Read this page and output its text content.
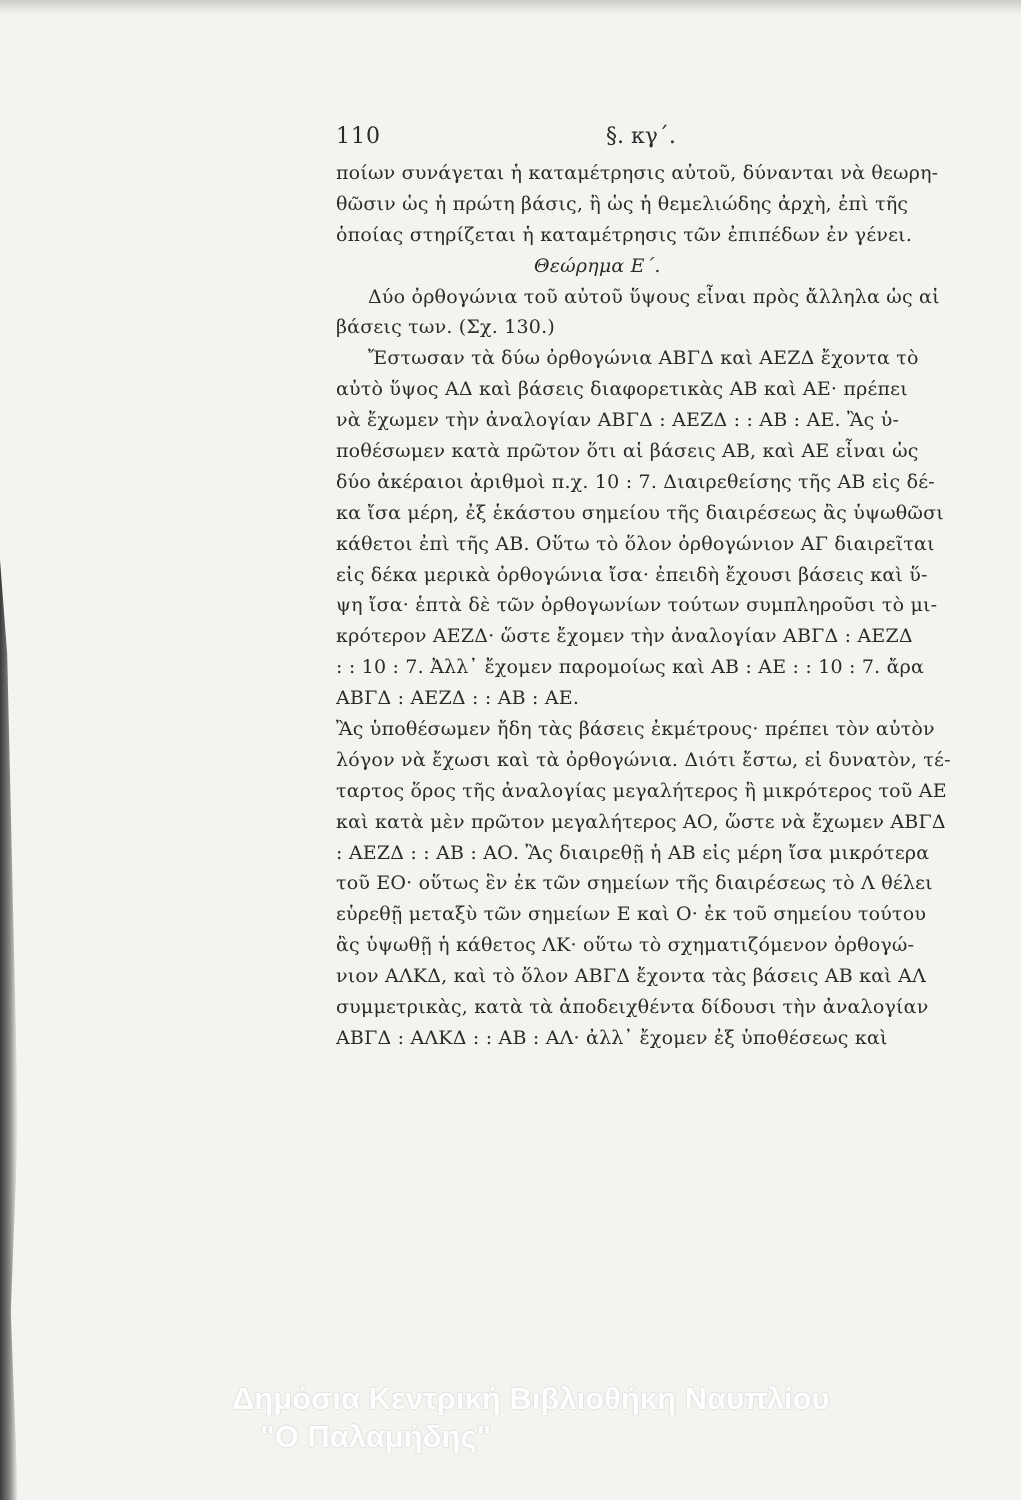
110	§. κγ΄.
ποίων συνάγεται ἡ καταμέτρησις αὐτοῦ, δύνανται νὰ θεωρη-
θῶσιν ὡς ἡ πρώτη βάσις, ἢ ὡς ἡ θεμελιώδης ἀρχὴ, ἐπὶ τῆς
ὁποίας στηρίζεται ἡ καταμέτρησις τῶν ἐπιπέδων ἐν γένει.
Θεώρημα Ε΄.
Δύο ὀρθογώνια τοῦ αὐτοῦ ὕψους εἶναι πρὸς ἄλληλα ὡς αἱ
βάσεις των. (Σχ. 130.)
Ἔστωσαν τὰ δύω ὀρθογώνια ΑΒΓΔ καὶ ΑΕΖΔ ἔχοντα τὸ
αὐτὸ ὕψος ΑΔ καὶ βάσεις διαφορετικὰς ΑΒ καὶ ΑΕ· πρέπει
νὰ ἔχωμεν τὴν ἀναλογίαν ΑΒΓΔ : ΑΕΖΔ : : ΑΒ : ΑΕ. Ἂς ὑ-
ποθέσωμεν κατὰ πρῶτον ὅτι αἱ βάσεις ΑΒ, καὶ ΑΕ εἶναι ὡς
δύο ἀκέραιοι ἀριθμοὶ π.χ. 10 : 7. Διαιρεθείσης τῆς ΑΒ εἰς δέ-
κα ἴσα μέρη, ἐξ ἑκάστου σημείου τῆς διαιρέσεως ἂς ὑψωθῶσι
κάθετοι ἐπὶ τῆς ΑΒ. Οὕτω τὸ ὅλον ὀρθογώνιον ΑΓ διαιρεῖται
εἰς δέκα μερικὰ ὀρθογώνια ἴσα· ἐπειδὴ ἔχουσι βάσεις καὶ ὕ-
ψη ἴσα· ἑπτὰ δὲ τῶν ὀρθογωνίων τούτων συμπληροῦσι τὸ μι-
κρότερον ΑΕΖΔ· ὥστε ἔχομεν τὴν ἀναλογίαν ΑΒΓΔ : ΑΕΖΔ
: : 10 : 7. Ἀλλ᾽ ἔχομεν παρομοίως καὶ ΑΒ : ΑΕ : : 10 : 7. ἄρα
ΑΒΓΔ : ΑΕΖΔ : : ΑΒ : ΑΕ.
Ἂς ὑποθέσωμεν ἤδη τὰς βάσεις ἐκμέτρους· πρέπει τὸν αὐτὸν
λόγον νὰ ἔχωσι καὶ τὰ ὀρθογώνια. Διότι ἔστω, εἰ δυνατὸν, τέ-
ταρτος ὅρος τῆς ἀναλογίας μεγαλήτερος ἢ μικρότερος τοῦ ΑΕ
καὶ κατὰ μὲν πρῶτον μεγαλήτερος ΑΟ, ὥστε νὰ ἔχωμεν ΑΒΓΔ
: ΑΕΖΔ : : ΑΒ : ΑΟ. Ἂς διαιρεθῇ ἡ ΑΒ εἰς μέρη ἴσα μικρότερα
τοῦ ΕΟ· οὕτως ἓν ἐκ τῶν σημείων τῆς διαιρέσεως τὸ Λ θέλει
εὑρεθῇ μεταξὺ τῶν σημείων Ε καὶ Ο· ἐκ τοῦ σημείου τούτου
ἂς ὑψωθῇ ἡ κάθετος ΛΚ· οὕτω τὸ σχηματιζόμενον ὀρθογώ-
νιον ΑΛΚΔ, καὶ τὸ ὅλον ΑΒΓΔ ἔχοντα τὰς βάσεις ΑΒ καὶ ΑΛ
συμμετρικὰς, κατὰ τὰ ἀποδειχθέντα δίδουσι τὴν ἀναλογίαν
ΑΒΓΔ : ΑΛΚΔ : : ΑΒ : ΑΛ· ἀλλ᾽ ἔχομεν ἐξ ὑποθέσεως καὶ
Δημόσια Κεντρική Βιβλιοθήκη Ναυπλίου
"Ο Παλαμήδης"
